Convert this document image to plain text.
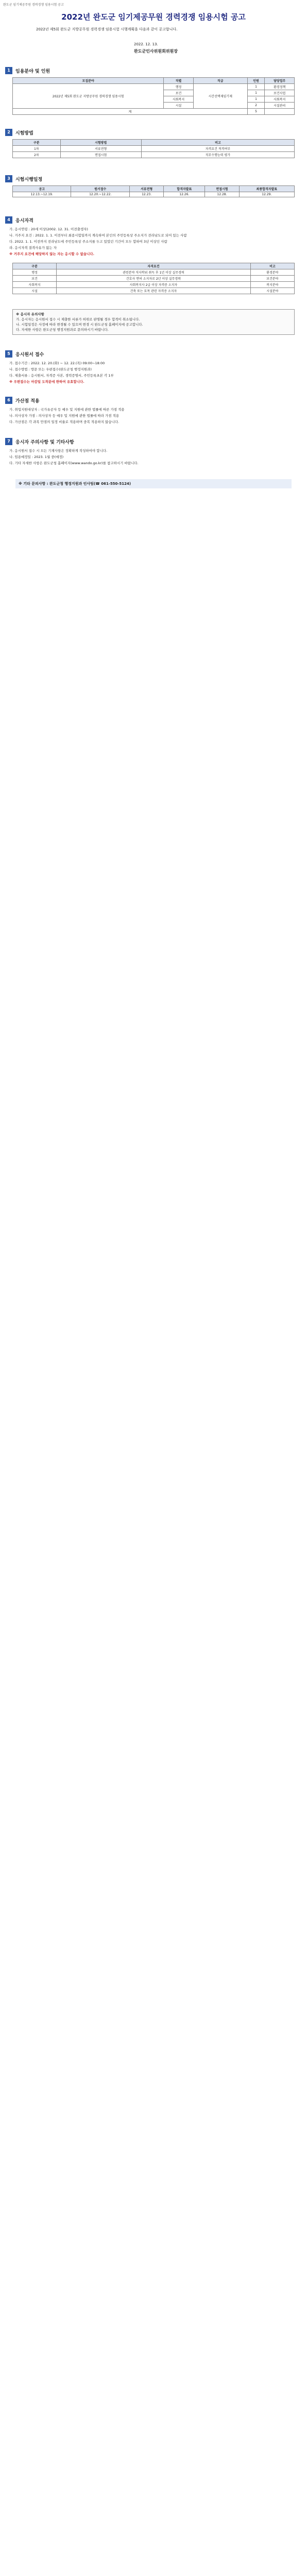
완도군 임기제공무원 경력경쟁 임용시험 공고
2022년 완도군 임기제공무원 경력경쟁 임용시험 공고
2022년 제5회 완도군 지방공무원 경력경쟁 임용시험 시행계획을 다음과 같이 공고합니다.
2022. 12. 13.
완도군인사위원회위원장
1	임용분야 및 인원
모집분야	직렬	직급	인원	담당업무
2022년 제5회 완도군 지방공무원 경력경쟁 임용시험	행정	시간선택제임기제	1	환경정책
	보건		1	보건사업
	사회복지		1	사회복지
	시설		2	시설관리
계			5	
2	시험방법
구분	시험방법	비고
1차	서류전형	자격요건 적격여부
2차	면접시험	직무수행능력 평가
3	시험시행일정
공고	원서접수	서류전형	합격자발표	면접시험	최종합격자발표
12.13.~12.19.	12.20.~12.22.	12.23.	12.26.	12.28.	12.29.
4	응시자격

가. 응시연령 : 20세 이상(2002. 12. 31. 이전출생자)

나. 거주지 요건 : 2022. 1. 1. 이전부터 최종시험일까지 계속하여 본인의 주민등록상 주소지가 전라남도로 되어 있는 사람

다. 2022. 1. 1. 이전까지 전라남도에 주민등록상 주소지를 두고 있었던 기간이 모두 합하여 3년 이상인 사람

라. 응시자격 결격사유가 없는 자

※ 거주지 요건에 해당하지 않는 자는 응시할 수 없습니다.

구분	자격요건	비고
행정	관련분야 석사학위 취득 후 1년 이상 실무경력	환경분야
보건	간호사 면허 소지자로 2년 이상 실무경력	보건분야
사회복지	사회복지사 2급 이상 자격증 소지자	복지분야
시설	건축 또는 토목 관련 자격증 소지자	시설분야
※ 응시자 유의사항
가. 응시자는 응시원서 접수 시 제출한 서류가 허위로 판명될 경우 합격이 취소됩니다.
나. 시험일정은 사정에 따라 변경될 수 있으며 변경 시 완도군청 홈페이지에 공고합니다.
다. 자세한 사항은 완도군청 행정지원과로 문의하시기 바랍니다.
5	응시원서 접수

가. 접수기간 : 2022. 12. 20.(화) ~ 12. 22.(목) 09:00~18:00

나. 접수방법 : 방문 또는 우편접수(완도군청 행정지원과)

다. 제출서류 : 응시원서, 자격증 사본, 경력증명서, 주민등록초본 각 1부

※ 우편접수는 마감일 도착분에 한하여 유효합니다.

6	가산점 적용

가. 취업지원대상자 : 국가유공자 등 예우 및 지원에 관한 법률에 따른 가점 적용

나. 의사상자 가점 : 의사상자 등 예우 및 지원에 관한 법률에 따라 가점 적용

다. 가산점은 각 과목 만점의 일정 비율로 적용하며 중복 적용하지 않습니다.

7	응시자 주의사항 및 기타사항

가. 응시원서 접수 시 모든 기재사항은 정확하게 작성하여야 합니다.

나. 임용예정일 : 2023. 1월 중(예정)

다. 기타 자세한 사항은 완도군청 홈페이지(www.wando.go.kr)를 참고하시기 바랍니다.

※ 기타 문의사항 : 완도군청 행정지원과 인사팀(☎ 061-550-5124)
